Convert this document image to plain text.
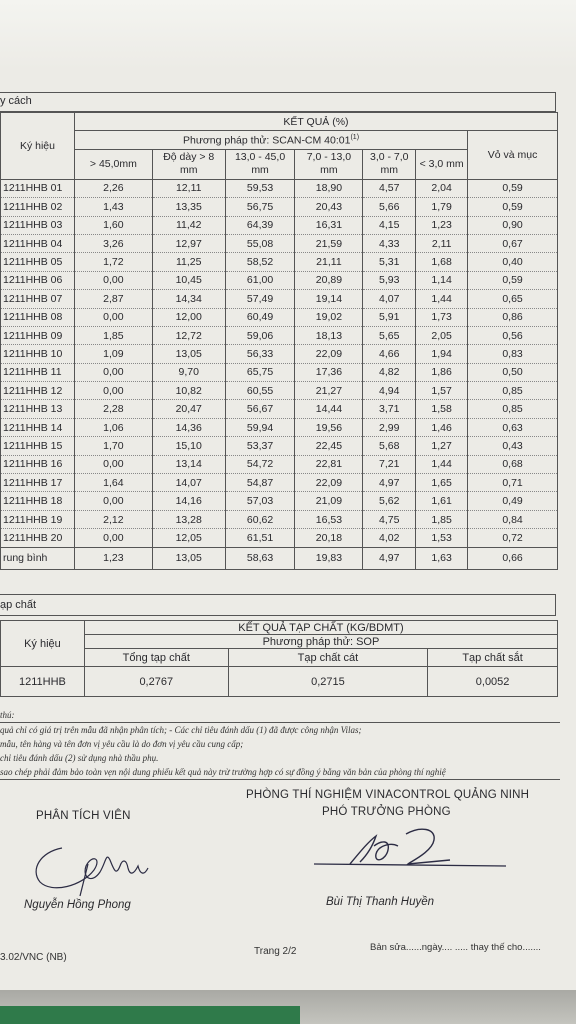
y cách
Ký hiệu	KẾT QUẢ (%)						
	Phương pháp thử: SCAN-CM 40:01$^{(1)}$						Vỏ và mục
	> 45,0mm	Độ dày > 8 mm	13,0 - 45,0 mm	7,0 - 13,0 mm	3,0 - 7,0 mm	< 3,0 mm	
1211HHB 01	2,26	12,11	59,53	18,90	4,57	2,04	0,59
1211HHB 02	1,43	13,35	56,75	20,43	5,66	1,79	0,59
1211HHB 03	1,60	11,42	64,39	16,31	4,15	1,23	0,90
1211HHB 04	3,26	12,97	55,08	21,59	4,33	2,11	0,67
1211HHB 05	1,72	11,25	58,52	21,11	5,31	1,68	0,40
1211HHB 06	0,00	10,45	61,00	20,89	5,93	1,14	0,59
1211HHB 07	2,87	14,34	57,49	19,14	4,07	1,44	0,65
1211HHB 08	0,00	12,00	60,49	19,02	5,91	1,73	0,86
1211HHB 09	1,85	12,72	59,06	18,13	5,65	2,05	0,56
1211HHB 10	1,09	13,05	56,33	22,09	4,66	1,94	0,83
1211HHB 11	0,00	9,70	65,75	17,36	4,82	1,86	0,50
1211HHB 12	0,00	10,82	60,55	21,27	4,94	1,57	0,85
1211HHB 13	2,28	20,47	56,67	14,44	3,71	1,58	0,85
1211HHB 14	1,06	14,36	59,94	19,56	2,99	1,46	0,63
1211HHB 15	1,70	15,10	53,37	22,45	5,68	1,27	0,43
1211HHB 16	0,00	13,14	54,72	22,81	7,21	1,44	0,68
1211HHB 17	1,64	14,07	54,87	22,09	4,97	1,65	0,71
1211HHB 18	0,00	14,16	57,03	21,09	5,62	1,61	0,49
1211HHB 19	2,12	13,28	60,62	16,53	4,75	1,85	0,84
1211HHB 20	0,00	12,05	61,51	20,18	4,02	1,53	0,72
rung bình	1,23	13,05	58,63	19,83	4,97	1,63	0,66
ạp chất
Ký hiệu	KẾT QUẢ TẠP CHẤT (KG/BDMT)		
	Phương pháp thử: SOP		
	Tổng tạp chất	Tạp chất cát	Tạp chất sắt
1211HHB	0,2767	0,2715	0,0052
thú:
quả chỉ có giá trị trên mẫu đã nhận phân tích; - Các chỉ tiêu đánh dấu (1) đã được công nhận Vilas;
mẫu, tên hàng và tên đơn vị yêu cầu là do đơn vị yêu cầu cung cấp;
chỉ tiêu đánh dấu (2) sử dụng nhà thầu phụ.
sao chép phải đảm bảo toàn vẹn nội dung phiếu kết quả này trừ trường hợp có sự đồng ý bằng văn bản của phòng thí nghiệ
PHÂN TÍCH VIÊN
PHÒNG THÍ NGHIỆM VINACONTROL QUẢNG NINH
PHÓ TRƯỞNG PHÒNG
Nguyễn Hồng Phong	Bùi Thị Thanh Huyền
3.02/VNC (NB)
Trang 2/2	Bản sửa......ngày.... ..... thay thế cho.......
